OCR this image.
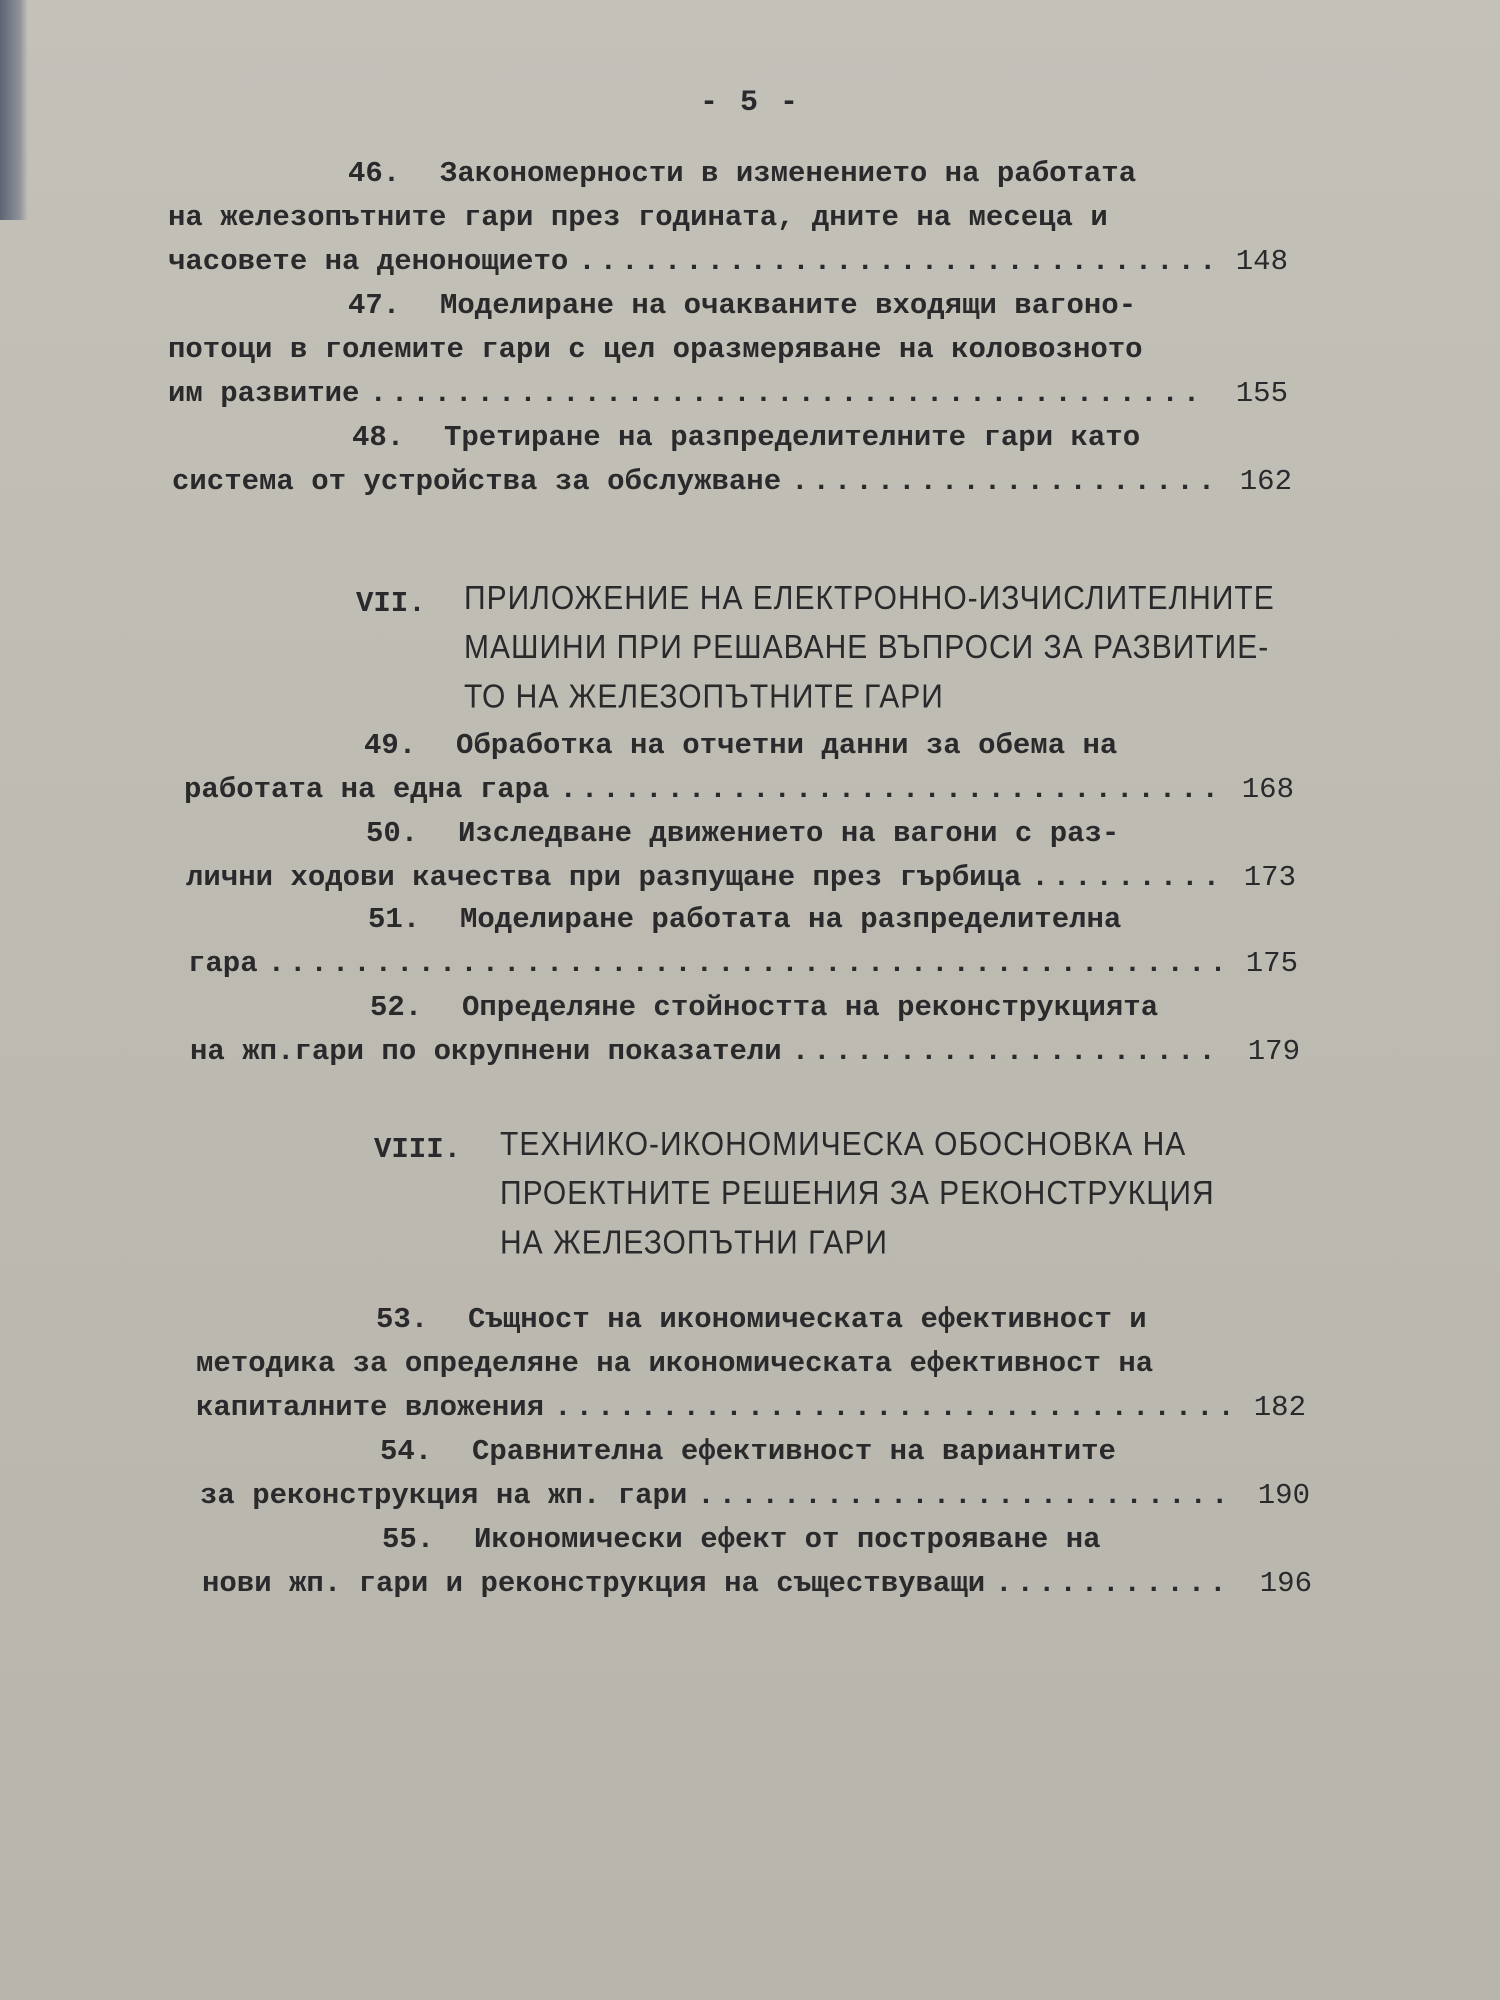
- 5 -
46. Закономерности в изменението на работата
на железопътните гари през годината, дните на месеца и
часовете на денонощието .....	148
47. Моделиране на очакваните входящи вагоно-
потоци в големите гари с цел оразмеряване на коловозното
им развитие .....	155
48. Третиране на разпределителните гари като
система от устройства за обслужване .....	162
VII. ПРИЛОЖЕНИЕ НА ЕЛЕКТРОННО-ИЗЧИСЛИТЕЛНИТЕ
МАШИНИ ПРИ РЕШАВАНЕ ВЪПРОСИ ЗА РАЗВИТИЕ-
ТО НА ЖЕЛЕЗОПЪТНИТЕ ГАРИ
49. Обработка на отчетни данни за обема на
работата на една гара .....	168
50. Изследване движението на вагони с раз-
лични ходови качества при разпущане през гърбица .....	173
51. Моделиране работата на разпределителна
гара .....	175
52. Определяне стойността на реконструкцията
на жп.гари по окрупнени показатели .....	179
VIII. ТЕХНИКО-ИКОНОМИЧЕСКА ОБОСНОВКА НА
ПРОЕКТНИТЕ РЕШЕНИЯ ЗА РЕКОНСТРУКЦИЯ
НА ЖЕЛЕЗОПЪТНИ ГАРИ
53. Същност на икономическата ефективност и
методика за определяне на икономическата ефективност на
капиталните вложения .....	182
54. Сравнителна ефективност на вариантите
за реконструкция на жп. гари .....	190
55. Икономически ефект от построяване на
нови жп. гари и реконструкция на съществуващи .....	196
